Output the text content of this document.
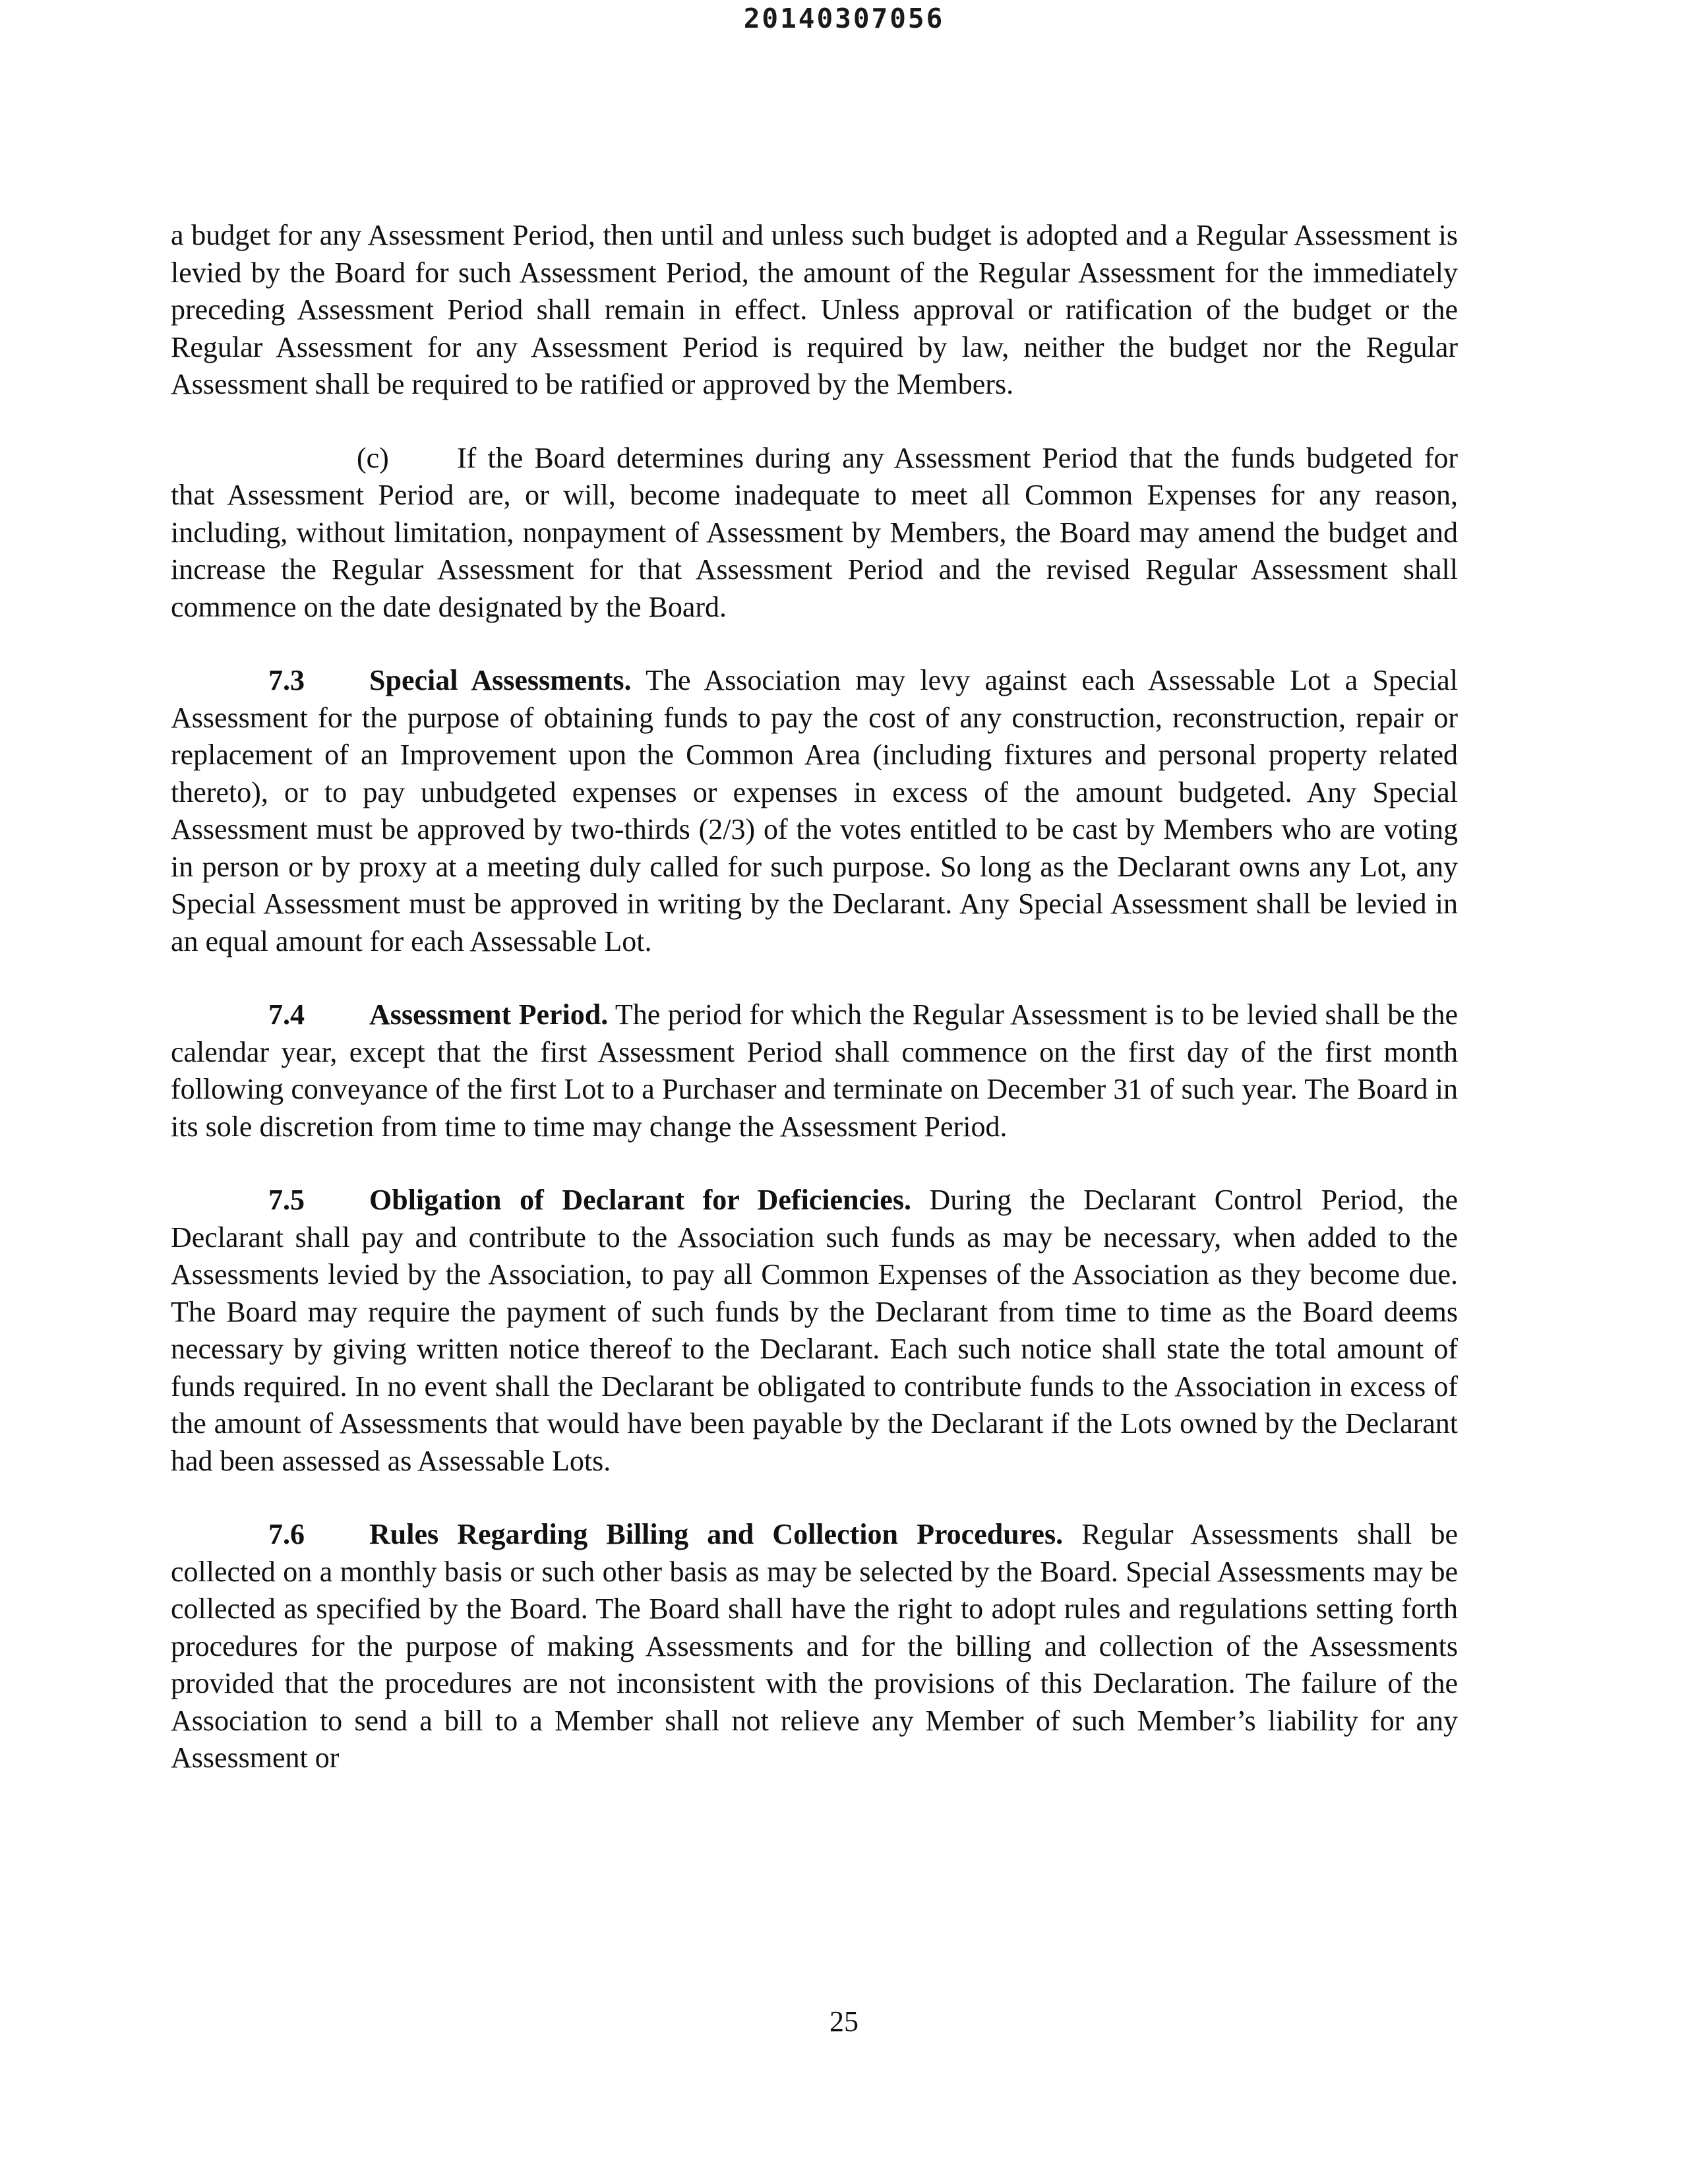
20140307056

a budget for any Assessment Period, then until and unless such budget is adopted and a Regular Assessment is levied by the Board for such Assessment Period, the amount of the Regular Assessment for the immediately preceding Assessment Period shall remain in effect. Unless approval or ratification of the budget or the Regular Assessment for any Assessment Period is required by law, neither the budget nor the Regular Assessment shall be required to be ratified or approved by the Members.

(c) If the Board determines during any Assessment Period that the funds budgeted for that Assessment Period are, or will, become inadequate to meet all Common Expenses for any reason, including, without limitation, nonpayment of Assessment by Members, the Board may amend the budget and increase the Regular Assessment for that Assessment Period and the revised Regular Assessment shall commence on the date designated by the Board.

7.3 Special Assessments. The Association may levy against each Assessable Lot a Special Assessment for the purpose of obtaining funds to pay the cost of any construction, reconstruction, repair or replacement of an Improvement upon the Common Area (including fixtures and personal property related thereto), or to pay unbudgeted expenses or expenses in excess of the amount budgeted. Any Special Assessment must be approved by two-thirds (2/3) of the votes entitled to be cast by Members who are voting in person or by proxy at a meeting duly called for such purpose. So long as the Declarant owns any Lot, any Special Assessment must be approved in writing by the Declarant. Any Special Assessment shall be levied in an equal amount for each Assessable Lot.

7.4 Assessment Period. The period for which the Regular Assessment is to be levied shall be the calendar year, except that the first Assessment Period shall commence on the first day of the first month following conveyance of the first Lot to a Purchaser and terminate on December 31 of such year. The Board in its sole discretion from time to time may change the Assessment Period.

7.5 Obligation of Declarant for Deficiencies. During the Declarant Control Period, the Declarant shall pay and contribute to the Association such funds as may be necessary, when added to the Assessments levied by the Association, to pay all Common Expenses of the Association as they become due. The Board may require the payment of such funds by the Declarant from time to time as the Board deems necessary by giving written notice thereof to the Declarant. Each such notice shall state the total amount of funds required. In no event shall the Declarant be obligated to contribute funds to the Association in excess of the amount of Assessments that would have been payable by the Declarant if the Lots owned by the Declarant had been assessed as Assessable Lots.

7.6 Rules Regarding Billing and Collection Procedures. Regular Assessments shall be collected on a monthly basis or such other basis as may be selected by the Board. Special Assessments may be collected as specified by the Board. The Board shall have the right to adopt rules and regulations setting forth procedures for the purpose of making Assessments and for the billing and collection of the Assessments provided that the procedures are not inconsistent with the provisions of this Declaration. The failure of the Association to send a bill to a Member shall not relieve any Member of such Member’s liability for any Assessment or

25
